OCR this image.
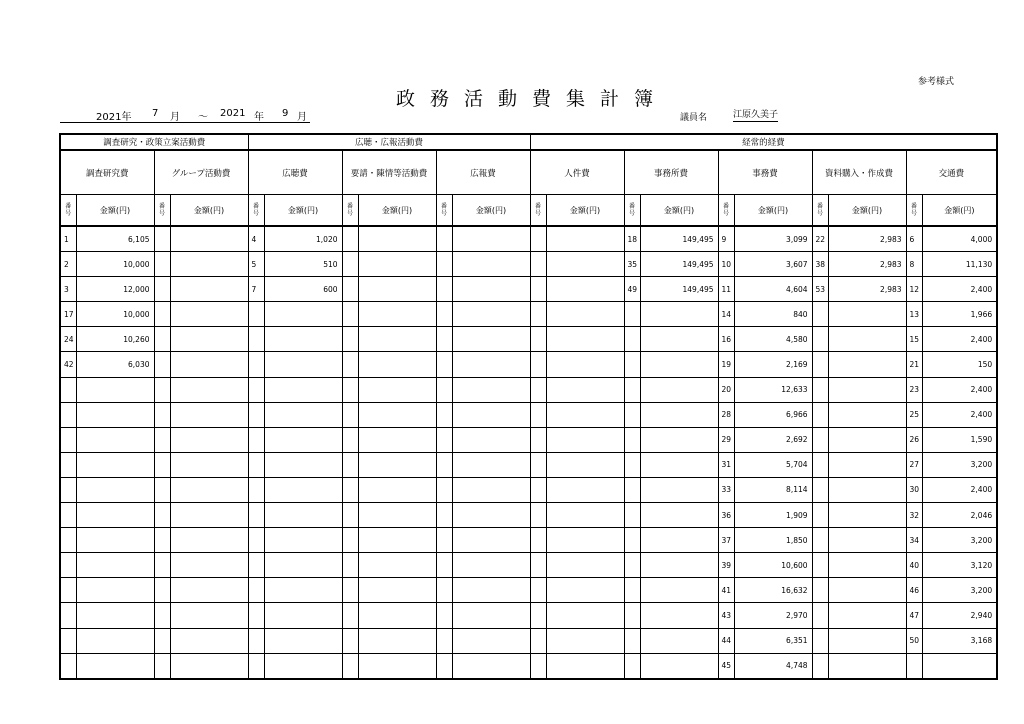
参考様式
政務活動費集計簿

2021年

7

月

～

2021

年

9

月	議員名	江原久美子
調査研究・政策立案活動費				広聴・広報活動費						経常的経費									
調査研究費		グループ活動費		広聴費		要請・陳情等活動費		広報費		人件費		事務所費		事務費		資料購入・作成費		交通費	
番
号	金額(円)	番
号	金額(円)	番
号	金額(円)	番
号	金額(円)	番
号	金額(円)	番
号	金額(円)	番
号	金額(円)	番
号	金額(円)	番
号	金額(円)	番
号	金額(円)
1	6,105			4	1,020							18	149,495	9	3,099	22	2,983	6	4,000
2	10,000			5	510							35	149,495	10	3,607	38	2,983	8	11,130
3	12,000			7	600							49	149,495	11	4,604	53	2,983	12	2,400
17	10,000													14	840			13	1,966
24	10,260													16	4,580			15	2,400
42	6,030													19	2,169			21	150
														20	12,633			23	2,400
														28	6,966			25	2,400
														29	2,692			26	1,590
														31	5,704			27	3,200
														33	8,114			30	2,400
														36	1,909			32	2,046
														37	1,850			34	3,200
														39	10,600			40	3,120
														41	16,632			46	3,200
														43	2,970			47	2,940
														44	6,351			50	3,168
														45	4,748				
